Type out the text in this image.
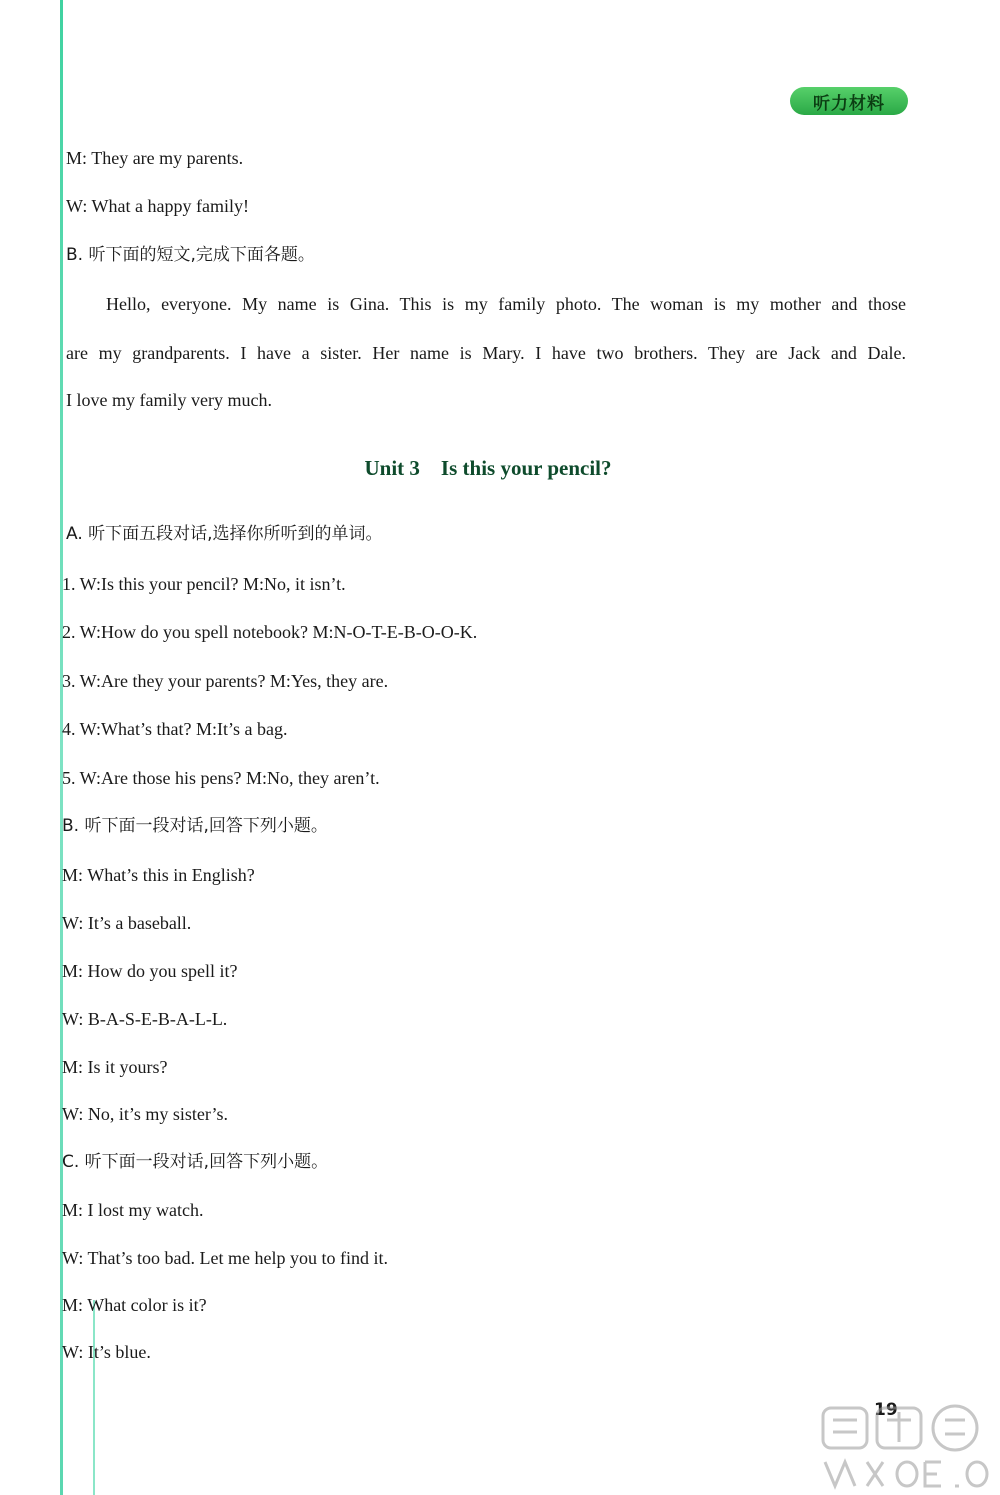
听力材料
M: They are my parents.
W: What a happy family!
B. 听下面的短文,完成下面各题。
Hello, everyone. My name is Gina. This is my family photo. The woman is my mother and those
are my grandparents. I have a sister. Her name is Mary. I have two brothers. They are Jack and Dale.
I love my family very much.
Unit 3    Is this your pencil?
A. 听下面五段对话,选择你所听到的单词。
1. W:Is this your pencil? M:No, it isn’t.
2. W:How do you spell notebook? M:N-O-T-E-B-O-O-K.
3. W:Are they your parents? M:Yes, they are.
4. W:What’s that? M:It’s a bag.
5. W:Are those his pens? M:No, they aren’t.
B. 听下面一段对话,回答下列小题。
M: What’s this in English?
W: It’s a baseball.
M: How do you spell it?
W: B-A-S-E-B-A-L-L.
M: Is it yours?
W: No, it’s my sister’s.
C. 听下面一段对话,回答下列小题。
M: I lost my watch.
W: That’s too bad. Let me help you to find it.
M: What color is it?
W: It’s blue.
19
